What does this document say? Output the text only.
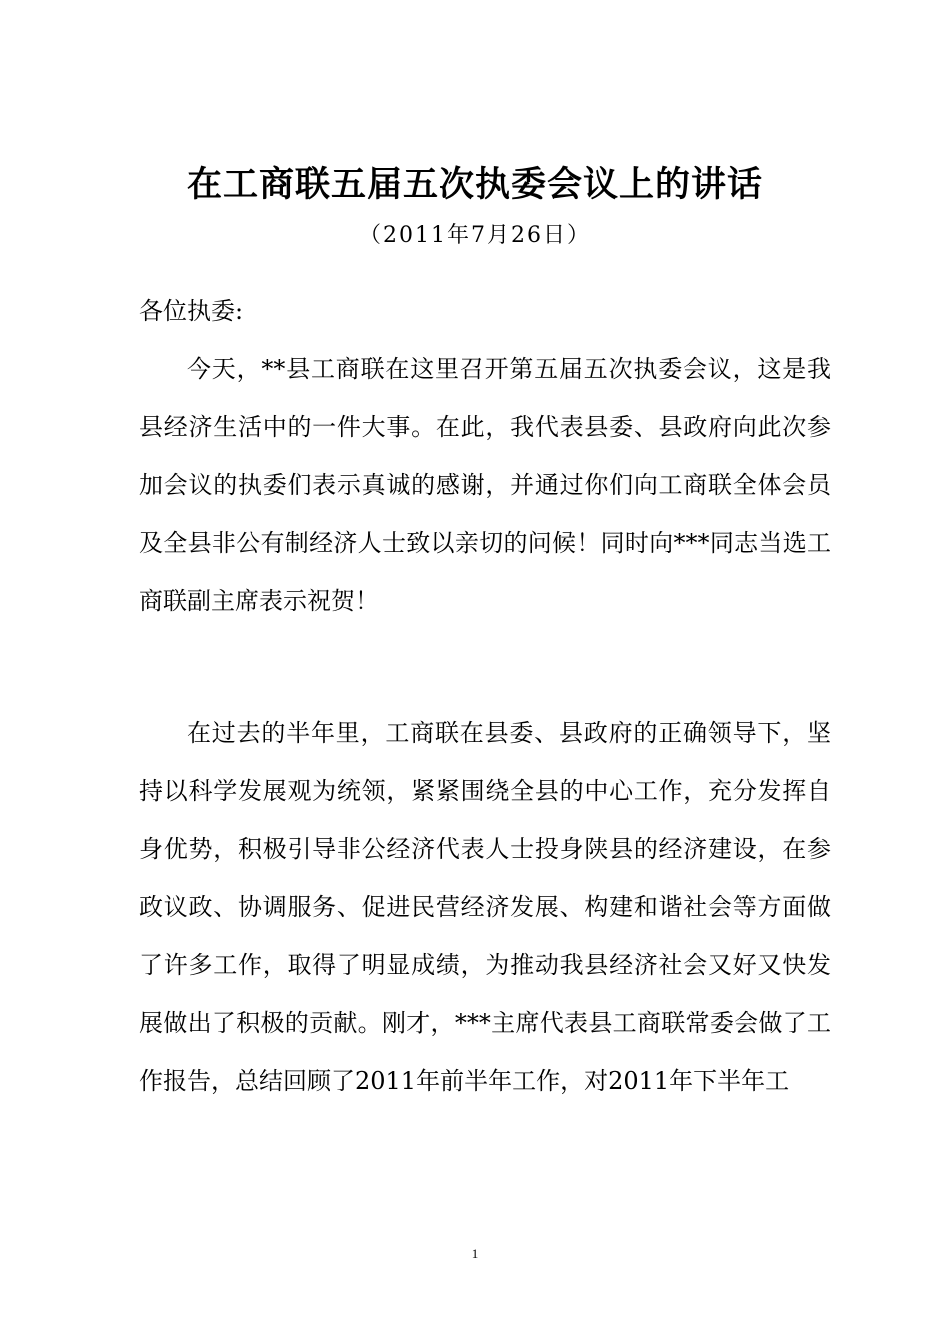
在工商联五届五次执委会议上的讲话
（2011年7月26日）
各位执委:

今天，**县工商联在这里召开第五届五次执委会议，这是我县经济生活中的一件大事。在此，我代表县委、县政府向此次参加会议的执委们表示真诚的感谢，并通过你们向工商联全体会员及全县非公有制经济人士致以亲切的问候！同时向***同志当选工商联副主席表示祝贺！

在过去的半年里，工商联在县委、县政府的正确领导下，坚持以科学发展观为统领，紧紧围绕全县的中心工作，充分发挥自身优势，积极引导非公经济代表人士投身陕县的经济建设，在参政议政、协调服务、促进民营经济发展、构建和谐社会等方面做了许多工作，取得了明显成绩，为推动我县经济社会又好又快发展做出了积极的贡献。刚才，***主席代表县工商联常委会做了工作报告，总结回顾了2011年前半年工作，对2011年下半年工

1
